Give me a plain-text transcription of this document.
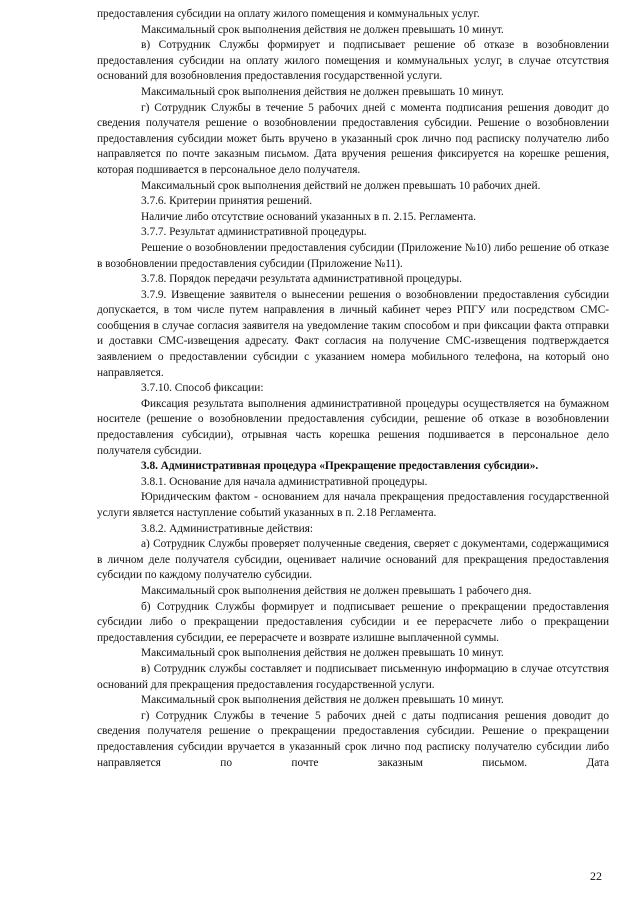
предоставления субсидии на оплату жилого помещения и коммунальных услуг.

Максимальный срок выполнения действия не должен превышать 10 минут.

в) Сотрудник Службы формирует и подписывает решение об отказе в возобновлении предоставления субсидии на оплату жилого помещения и коммунальных услуг, в случае отсутствия оснований для возобновления предоставления государственной услуги.

Максимальный срок выполнения действия не должен превышать 10 минут.

г) Сотрудник Службы в течение 5 рабочих дней с момента подписания решения доводит до сведения получателя решение о возобновлении предоставления субсидии. Решение о возобновлении предоставления субсидии может быть вручено в указанный срок лично под расписку получателю либо направляется по почте заказным письмом. Дата вручения решения фиксируется на корешке решения, которая подшивается в персональное дело получателя.

Максимальный срок выполнения действий не должен превышать 10 рабочих дней.

3.7.6. Критерии принятия решений.

Наличие либо отсутствие оснований указанных в п. 2.15. Регламента.

3.7.7. Результат административной процедуры.

Решение о возобновлении предоставления субсидии (Приложение №10) либо решение об отказе в возобновлении предоставления субсидии (Приложение №11).

3.7.8. Порядок передачи результата административной процедуры.

3.7.9. Извещение заявителя о вынесении решения о возобновлении предоставления субсидии допускается, в том числе путем направления в личный кабинет через РПГУ или посредством СМС-сообщения в случае согласия заявителя на уведомление таким способом и при фиксации факта отправки и доставки СМС-извещения адресату. Факт согласия на получение СМС-извещения подтверждается заявлением о предоставлении субсидии с указанием номера мобильного телефона, на который оно направляется.

3.7.10. Способ фиксации:

Фиксация результата выполнения административной процедуры осуществляется на бумажном носителе (решение о возобновлении предоставления субсидии, решение об отказе в возобновлении предоставления субсидии), отрывная часть корешка решения подшивается в персональное дело получателя субсидии.

3.8. Административная процедура «Прекращение предоставления субсидии».

3.8.1. Основание для начала административной процедуры.

Юридическим фактом - основанием для начала прекращения предоставления государственной услуги является наступление событий указанных в п. 2.18 Регламента.

3.8.2. Административные действия:

а) Сотрудник Службы проверяет полученные сведения, сверяет с документами, содержащимися в личном деле получателя субсидии, оценивает наличие оснований для прекращения предоставления субсидии по каждому получателю субсидии.

Максимальный срок выполнения действия не должен превышать 1 рабочего дня.

б) Сотрудник Службы формирует и подписывает решение о прекращении предоставления субсидии либо о прекращении предоставления субсидии и ее перерасчете либо о прекращении предоставления субсидии, ее перерасчете и возврате излишне выплаченной суммы.

Максимальный срок выполнения действия не должен превышать 10 минут.

в) Сотрудник службы составляет и подписывает письменную информацию в случае отсутствия оснований для прекращения предоставления государственной услуги.

Максимальный срок выполнения действия не должен превышать 10 минут.

г) Сотрудник Службы в течение 5 рабочих дней с даты подписания решения доводит до сведения получателя решение о прекращении предоставления субсидии. Решение о прекращении предоставления субсидии вручается в указанный срок лично под расписку получателю субсидии либо направляется по почте заказным письмом. Дата

22
